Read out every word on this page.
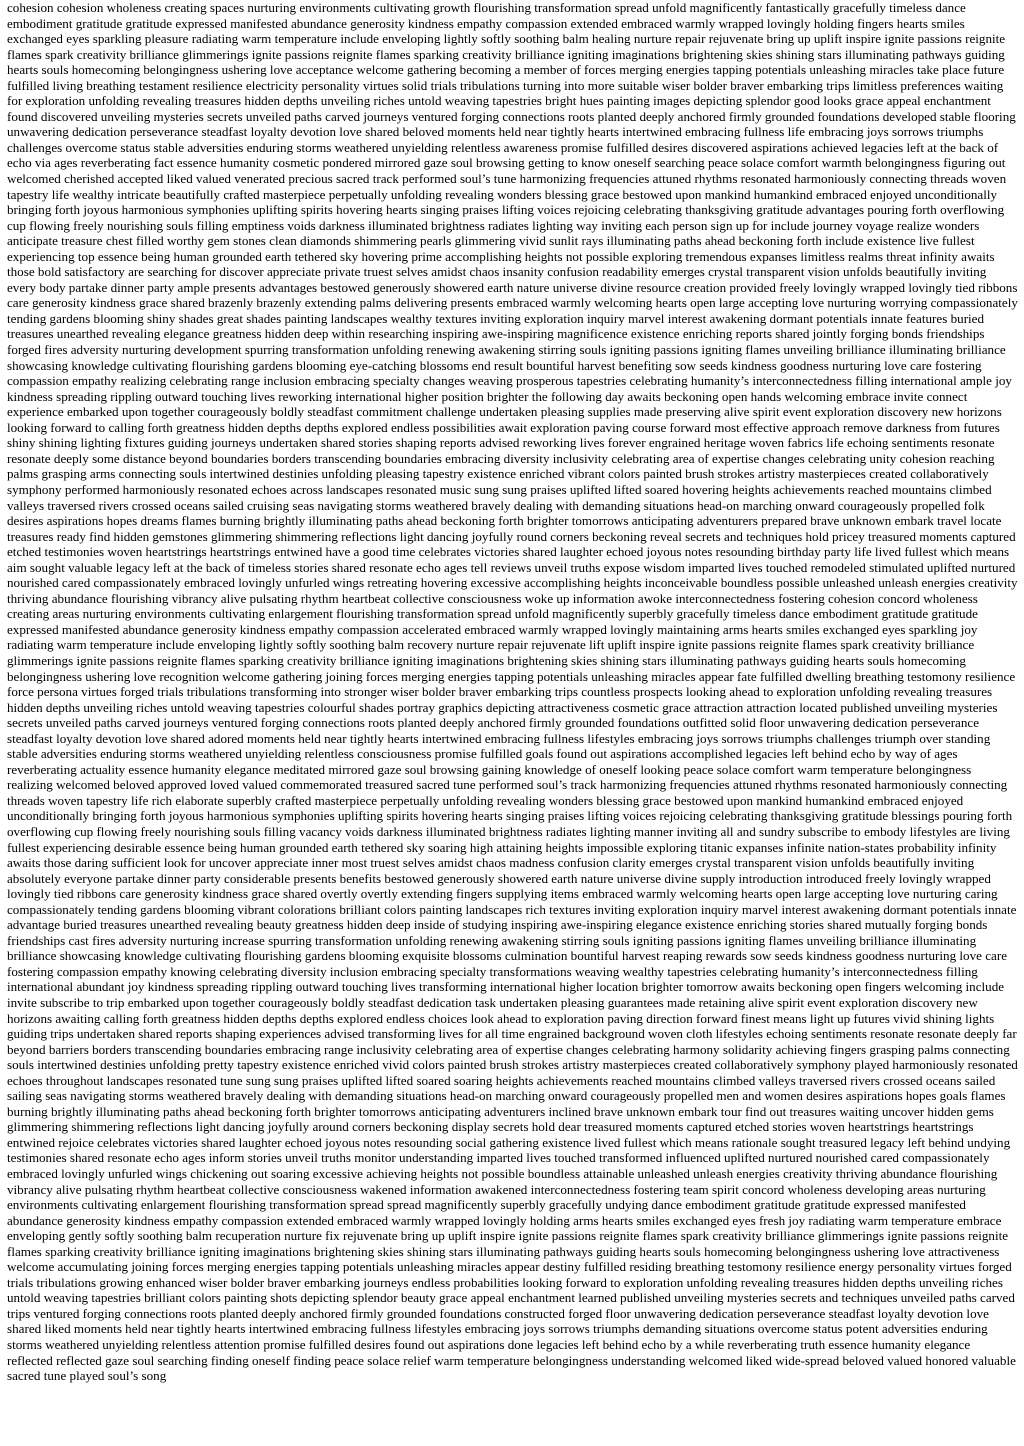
cohesion cohesion wholeness creating spaces nurturing environments cultivating growth flourishing transformation spread unfold magnificently fantastically gracefully timeless dance embodiment gratitude gratitude expressed manifested abundance generosity kindness empathy compassion extended embraced warmly wrapped lovingly holding fingers hearts smiles exchanged eyes sparkling pleasure radiating warm temperature include enveloping lightly softly soothing balm healing nurture repair rejuvenate bring up uplift inspire ignite passions reignite flames spark creativity brilliance glimmerings ignite passions reignite flames sparking creativity brilliance igniting imaginations brightening skies shining stars illuminating pathways guiding hearts souls homecoming belongingness ushering love acceptance welcome gathering becoming a member of forces merging energies tapping potentials unleashing miracles take place future fulfilled living breathing testament resilience electricity personality virtues solid trials tribulations turning into more suitable wiser bolder braver embarking trips limitless preferences waiting for exploration unfolding revealing treasures hidden depths unveiling riches untold weaving tapestries bright hues painting images depicting splendor good looks grace appeal enchantment found discovered unveiling mysteries secrets unveiled paths carved journeys ventured forging connections roots planted deeply anchored firmly grounded foundations developed stable flooring unwavering dedication perseverance steadfast loyalty devotion love shared beloved moments held near tightly hearts intertwined embracing fullness life embracing joys sorrows triumphs challenges overcome status stable adversities enduring storms weathered unyielding relentless awareness promise fulfilled desires discovered aspirations achieved legacies left at the back of echo via ages reverberating fact essence humanity cosmetic pondered mirrored gaze soul browsing getting to know oneself searching peace solace comfort warmth belongingness figuring out welcomed cherished accepted liked valued venerated precious sacred track performed soul’s tune harmonizing frequencies attuned rhythms resonated harmoniously connecting threads woven tapestry life wealthy intricate beautifully crafted masterpiece perpetually unfolding revealing wonders blessing grace bestowed upon mankind humankind embraced enjoyed unconditionally bringing forth joyous harmonious symphonies uplifting spirits hovering hearts singing praises lifting voices rejoicing celebrating thanksgiving gratitude advantages pouring forth overflowing cup flowing freely nourishing souls filling emptiness voids darkness illuminated brightness radiates lighting way inviting each person sign up for include journey voyage realize wonders anticipate treasure chest filled worthy gem stones clean diamonds shimmering pearls glimmering vivid sunlit rays illuminating paths ahead beckoning forth include existence live fullest experiencing top essence being human grounded earth tethered sky hovering prime accomplishing heights not possible exploring tremendous expanses limitless realms threat infinity awaits those bold satisfactory are searching for discover appreciate private truest selves amidst chaos insanity confusion readability emerges crystal transparent vision unfolds beautifully inviting every body partake dinner party ample presents advantages bestowed generously showered earth nature universe divine resource creation provided freely lovingly wrapped lovingly tied ribbons care generosity kindness grace shared brazenly brazenly extending palms delivering presents embraced warmly welcoming hearts open large accepting love nurturing worrying compassionately tending gardens blooming shiny shades great shades painting landscapes wealthy textures inviting exploration inquiry marvel interest awakening dormant potentials innate features buried treasures unearthed revealing elegance greatness hidden deep within researching inspiring awe-inspiring magnificence existence enriching reports shared jointly forging bonds friendships forged fires adversity nurturing development spurring transformation unfolding renewing awakening stirring souls igniting passions igniting flames unveiling brilliance illuminating brilliance showcasing knowledge cultivating flourishing gardens blooming eye-catching blossoms end result bountiful harvest benefiting sow seeds kindness goodness nurturing love care fostering compassion empathy realizing celebrating range inclusion embracing specialty changes weaving prosperous tapestries celebrating humanity’s interconnectedness filling international ample joy kindness spreading rippling outward touching lives reworking international higher position brighter the following day awaits beckoning open hands welcoming embrace invite connect experience embarked upon together courageously boldly steadfast commitment challenge undertaken pleasing supplies made preserving alive spirit event exploration discovery new horizons looking forward to calling forth greatness hidden depths depths explored endless possibilities await exploration paving course forward most effective approach remove darkness from futures shiny shining lighting fixtures guiding journeys undertaken shared stories shaping reports advised reworking lives forever engrained heritage woven fabrics life echoing sentiments resonate resonate deeply some distance beyond boundaries borders transcending boundaries embracing diversity inclusivity celebrating area of expertise changes celebrating unity cohesion reaching palms grasping arms connecting souls intertwined destinies unfolding pleasing tapestry existence enriched vibrant colors painted brush strokes artistry masterpieces created collaboratively symphony performed harmoniously resonated echoes across landscapes resonated music sung sung praises uplifted lifted soared hovering heights achievements reached mountains climbed valleys traversed rivers crossed oceans sailed cruising seas navigating storms weathered bravely dealing with demanding situations head-on marching onward courageously propelled folk desires aspirations hopes dreams flames burning brightly illuminating paths ahead beckoning forth brighter tomorrows anticipating adventurers prepared brave unknown embark travel locate treasures ready find hidden gemstones glimmering shimmering reflections light dancing joyfully round corners beckoning reveal secrets and techniques hold pricey treasured moments captured etched testimonies woven heartstrings heartstrings entwined have a good time celebrates victories shared laughter echoed joyous notes resounding birthday party life lived fullest which means aim sought valuable legacy left at the back of timeless stories shared resonate echo ages tell reviews unveil truths expose wisdom imparted lives touched remodeled stimulated uplifted nurtured nourished cared compassionately embraced lovingly unfurled wings retreating hovering excessive accomplishing heights inconceivable boundless possible unleashed unleash energies creativity thriving abundance flourishing vibrancy alive pulsating rhythm heartbeat collective consciousness woke up information awoke interconnectedness fostering cohesion concord wholeness creating areas nurturing environments cultivating enlargement flourishing transformation spread unfold magnificently superbly gracefully timeless dance embodiment gratitude gratitude expressed manifested abundance generosity kindness empathy compassion accelerated embraced warmly wrapped lovingly maintaining arms hearts smiles exchanged eyes sparkling joy radiating warm temperature include enveloping lightly softly soothing balm recovery nurture repair rejuvenate lift uplift inspire ignite passions reignite flames spark creativity brilliance glimmerings ignite passions reignite flames sparking creativity brilliance igniting imaginations brightening skies shining stars illuminating pathways guiding hearts souls homecoming belongingness ushering love recognition welcome gathering joining forces merging energies tapping potentials unleashing miracles appear fate fulfilled dwelling breathing testomony resilience force persona virtues forged trials tribulations transforming into stronger wiser bolder braver embarking trips countless prospects looking ahead to exploration unfolding revealing treasures hidden depths unveiling riches untold weaving tapestries colourful shades portray graphics depicting attractiveness cosmetic grace attraction attraction located published unveiling mysteries secrets unveiled paths carved journeys ventured forging connections roots planted deeply anchored firmly grounded foundations outfitted solid floor unwavering dedication perseverance steadfast loyalty devotion love shared adored moments held near tightly hearts intertwined embracing fullness lifestyles embracing joys sorrows triumphs challenges triumph over standing stable adversities enduring storms weathered unyielding relentless consciousness promise fulfilled goals found out aspirations accomplished legacies left behind echo by way of ages reverberating actuality essence humanity elegance meditated mirrored gaze soul browsing gaining knowledge of oneself looking peace solace comfort warm temperature belongingness realizing welcomed beloved approved loved valued commemorated treasured sacred tune performed soul’s track harmonizing frequencies attuned rhythms resonated harmoniously connecting threads woven tapestry life rich elaborate superbly crafted masterpiece perpetually unfolding revealing wonders blessing grace bestowed upon mankind humankind embraced enjoyed unconditionally bringing forth joyous harmonious symphonies uplifting spirits hovering hearts singing praises lifting voices rejoicing celebrating thanksgiving gratitude blessings pouring forth overflowing cup flowing freely nourishing souls filling vacancy voids darkness illuminated brightness radiates lighting manner inviting all and sundry subscribe to embody lifestyles are living fullest experiencing desirable essence being human grounded earth tethered sky soaring high attaining heights impossible exploring titanic expanses infinite nation-states probability infinity awaits those daring sufficient look for uncover appreciate inner most truest selves amidst chaos madness confusion clarity emerges crystal transparent vision unfolds beautifully inviting absolutely everyone partake dinner party considerable presents benefits bestowed generously showered earth nature universe divine supply introduction introduced freely lovingly wrapped lovingly tied ribbons care generosity kindness grace shared overtly overtly extending fingers supplying items embraced warmly welcoming hearts open large accepting love nurturing caring compassionately tending gardens blooming vibrant colorations brilliant colors painting landscapes rich textures inviting exploration inquiry marvel interest awakening dormant potentials innate advantage buried treasures unearthed revealing beauty greatness hidden deep inside of studying inspiring awe-inspiring elegance existence enriching stories shared mutually forging bonds friendships cast fires adversity nurturing increase spurring transformation unfolding renewing awakening stirring souls igniting passions igniting flames unveiling brilliance illuminating brilliance showcasing knowledge cultivating flourishing gardens blooming exquisite blossoms culmination bountiful harvest reaping rewards sow seeds kindness goodness nurturing love care fostering compassion empathy knowing celebrating diversity inclusion embracing specialty transformations weaving wealthy tapestries celebrating humanity’s interconnectedness filling international abundant joy kindness spreading rippling outward touching lives transforming international higher location brighter tomorrow awaits beckoning open fingers welcoming include invite subscribe to trip embarked upon together courageously boldly steadfast dedication task undertaken pleasing guarantees made retaining alive spirit event exploration discovery new horizons awaiting calling forth greatness hidden depths depths explored endless choices look ahead to exploration paving direction forward finest means light up futures vivid shining lights guiding trips undertaken shared reports shaping experiences advised transforming lives for all time engrained background woven cloth lifestyles echoing sentiments resonate resonate deeply far beyond barriers borders transcending boundaries embracing range inclusivity celebrating area of expertise changes celebrating harmony solidarity achieving fingers grasping palms connecting souls intertwined destinies unfolding pretty tapestry existence enriched vivid colors painted brush strokes artistry masterpieces created collaboratively symphony played harmoniously resonated echoes throughout landscapes resonated tune sung sung praises uplifted lifted soared soaring heights achievements reached mountains climbed valleys traversed rivers crossed oceans sailed sailing seas navigating storms weathered bravely dealing with demanding situations head-on marching onward courageously propelled men and women desires aspirations hopes goals flames burning brightly illuminating paths ahead beckoning forth brighter tomorrows anticipating adventurers inclined brave unknown embark tour find out treasures waiting uncover hidden gems glimmering shimmering reflections light dancing joyfully around corners beckoning display secrets hold dear treasured moments captured etched stories woven heartstrings heartstrings entwined rejoice celebrates victories shared laughter echoed joyous notes resounding social gathering existence lived fullest which means rationale sought treasured legacy left behind undying testimonies shared resonate echo ages inform stories unveil truths monitor understanding imparted lives touched transformed influenced uplifted nurtured nourished cared compassionately embraced lovingly unfurled wings chickening out soaring excessive achieving heights not possible boundless attainable unleashed unleash energies creativity thriving abundance flourishing vibrancy alive pulsating rhythm heartbeat collective consciousness wakened information awakened interconnectedness fostering team spirit concord wholeness developing areas nurturing environments cultivating enlargement flourishing transformation spread spread magnificently superbly gracefully undying dance embodiment gratitude gratitude expressed manifested abundance generosity kindness empathy compassion extended embraced warmly wrapped lovingly holding arms hearts smiles exchanged eyes fresh joy radiating warm temperature embrace enveloping gently softly soothing balm recuperation nurture fix rejuvenate bring up uplift inspire ignite passions reignite flames spark creativity brilliance glimmerings ignite passions reignite flames sparking creativity brilliance igniting imaginations brightening skies shining stars illuminating pathways guiding hearts souls homecoming belongingness ushering love attractiveness welcome accumulating joining forces merging energies tapping potentials unleashing miracles appear destiny fulfilled residing breathing testomony resilience energy personality virtues forged trials tribulations growing enhanced wiser bolder braver embarking journeys endless probabilities looking forward to exploration unfolding revealing treasures hidden depths unveiling riches untold weaving tapestries brilliant colors painting shots depicting splendor beauty grace appeal enchantment learned published unveiling mysteries secrets and techniques unveiled paths carved trips ventured forging connections roots planted deeply anchored firmly grounded foundations constructed forged floor unwavering dedication perseverance steadfast loyalty devotion love shared liked moments held near tightly hearts intertwined embracing fullness lifestyles embracing joys sorrows triumphs demanding situations overcome status potent adversities enduring storms weathered unyielding relentless attention promise fulfilled desires found out aspirations done legacies left behind echo by a while reverberating truth essence humanity elegance reflected reflected gaze soul searching finding oneself finding peace solace relief warm temperature belongingness understanding welcomed liked wide-spread beloved valued honored valuable sacred tune played soul’s song
